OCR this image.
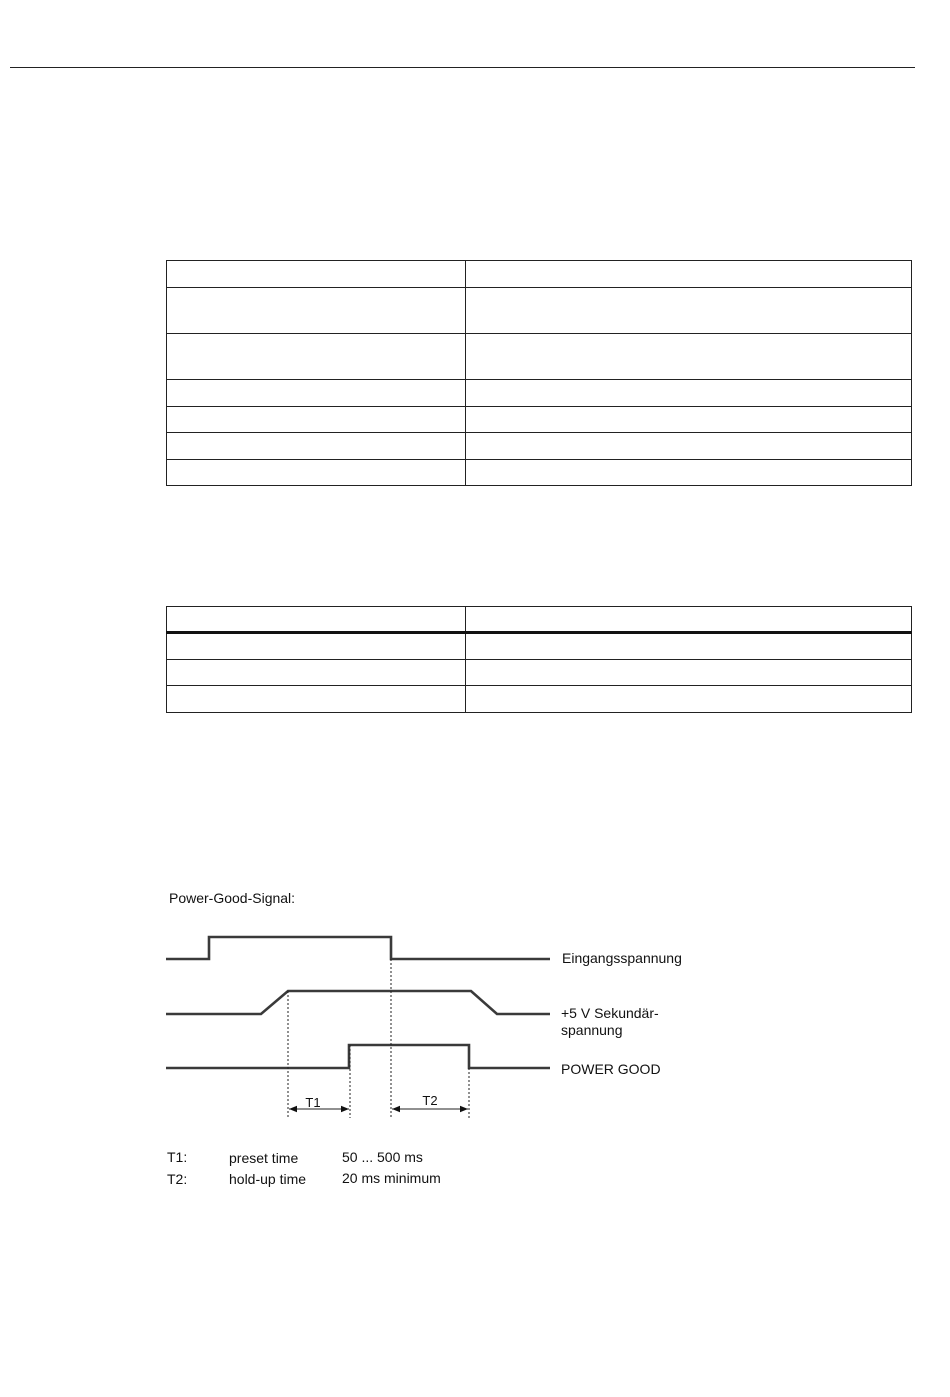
Power-Good-Signal:
Eingangsspannung
+5 V Sekundär-
spannung
POWER GOOD
T1	T2
T1:	preset time	50 ... 500 ms
T2:	hold-up time	20 ms minimum
